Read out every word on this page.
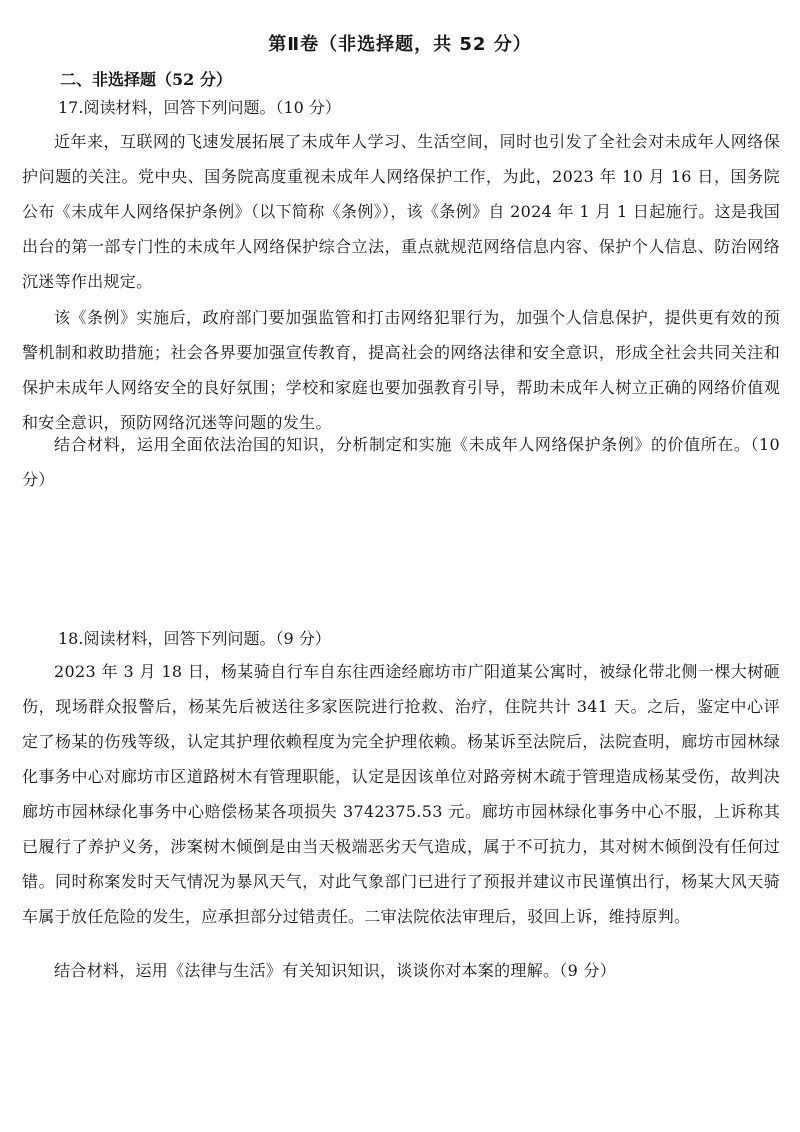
第Ⅱ卷（非选择题，共 52 分）
二、非选择题（52 分）
17.阅读材料，回答下列问题。（10 分）

近年来，互联网的飞速发展拓展了未成年人学习、生活空间，同时也引发了全社会对未成年人网络保护问题的关注。党中央、国务院高度重视未成年人网络保护工作，为此，2023 年 10 月 16 日，国务院公布《未成年人网络保护条例》（以下简称《条例》），该《条例》自 2024 年 1 月 1 日起施行。这是我国出台的第一部专门性的未成年人网络保护综合立法，重点就规范网络信息内容、保护个人信息、防治网络沉迷等作出规定。

该《条例》实施后，政府部门要加强监管和打击网络犯罪行为，加强个人信息保护，提供更有效的预警机制和救助措施；社会各界要加强宣传教育，提高社会的网络法律和安全意识，形成全社会共同关注和保护未成年人网络安全的良好氛围；学校和家庭也要加强教育引导，帮助未成年人树立正确的网络价值观和安全意识，预防网络沉迷等问题的发生。

结合材料，运用全面依法治国的知识，分析制定和实施《未成年人网络保护条例》的价值所在。（10 分）

18.阅读材料，回答下列问题。（9 分）

2023 年 3 月 18 日，杨某骑自行车自东往西途经廊坊市广阳道某公寓时，被绿化带北侧一棵大树砸伤，现场群众报警后，杨某先后被送往多家医院进行抢救、治疗，住院共计 341 天。之后，鉴定中心评定了杨某的伤残等级，认定其护理依赖程度为完全护理依赖。杨某诉至法院后，法院查明，廊坊市园林绿化事务中心对廊坊市区道路树木有管理职能，认定是因该单位对路旁树木疏于管理造成杨某受伤，故判决廊坊市园林绿化事务中心赔偿杨某各项损失 3742375.53 元。廊坊市园林绿化事务中心不服，上诉称其已履行了养护义务，涉案树木倾倒是由当天极端恶劣天气造成，属于不可抗力，其对树木倾倒没有任何过错。同时称案发时天气情况为暴风天气，对此气象部门已进行了预报并建议市民谨慎出行，杨某大风天骑车属于放任危险的发生，应承担部分过错责任。二审法院依法审理后，驳回上诉，维持原判。

结合材料，运用《法律与生活》有关知识知识，谈谈你对本案的理解。（9 分）
